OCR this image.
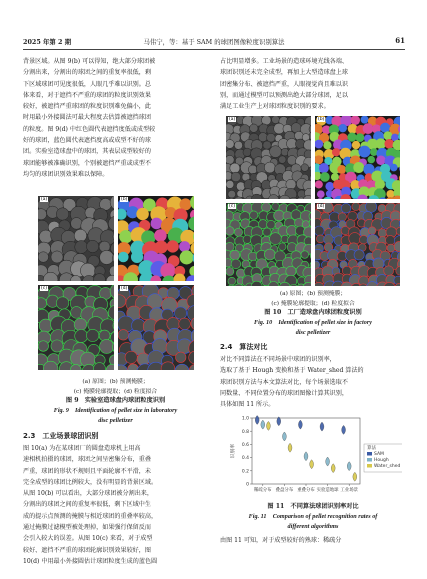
2025 年第 2 期	马伟宁，等：基于 SAM 的球团图像粒度识别算法	61

背景区域。从图 9(b) 可以得知，绝大部分球团被

分割出来，分割出的球团之间的重复率很低，剩

下区域球团可见度很低，人眼几乎难以识别。总

体来看，对于遮挡不严重的球团的粒度识别效果

较好，被遮挡严重球团的粒度识别难免偏小，此

时用最小外接圆法可最大程度去估算被遮挡球团

的粒度。图 9(d) 中红色圆代表遮挡度低或成型较

好的球团，蓝色圆代表遮挡度高或成型不好的球

团。实验室造球盘中的球团，其表层成型较好的

球团能够被准确识别，个别被遮挡严重或成型不

均匀的球团识别效果难以保障。

(a)	(b)
(c)	(d)
(a) 原图；(b) 预测掩膜；
(c) 掩膜轮廓提取；(d) 粒度拟合
图 9　实验室造球盘内球团粒度识别
Fig. 9　Identification of pellet size in laboratory
disc pelletizer
2.3　工业场景球团识别

图 10(a) 为在某球团厂的圆盘造球机上用高

速相机拍摄的球团，球团之间呈密集分布，重叠

严重，球团的形状不规则且平面轮廓不平滑，未

完全成型的球团比例较大，没有明显的背景区域。

从图 10(b) 可以看出，大部分球团被分割出来，

分割出的球团之间的重复率很低，剩下区域中生

成的提示点预测的掩膜与相近球团的重叠率较高，

通过掩膜过滤模型被处理掉，如果强行保留反而

会引入较大的误差。从图 10(c) 来看，对于成型

较好、遮挡不严重的球团轮廓识别效果较好，图

10(d) 中用最小外接圆估计球团粒度生成的蓝色圆

占比明显增多。工业场景的造球环境光线各端、

球团识别还未完全成型，再加上大型造球盘上球

团密集分布、被遮挡严重，人眼视觉尚且难以识

别，而通过模型可以预测出绝大部分球团，足以

满足工业生产上对球团粒度识别的要求。

(a)	(b)
(c)	(d)
(a) 原图；(b) 预测掩膜；
(c) 掩膜轮廓提取；(d) 粒度拟合
图 10　工厂造球盘内球团粒度识别
Fig. 10　Identification of pellet size in factory
disc pelletizer
2.4　算法对比

对比不同算法在不同场景中球团的识别率，

选取了基于 Hough 变换和基于 Water_shed 算法的

球团识别方法与本文算法对比，每个场景选取不

同数量、不同位置分布的球团图像计算其识别，

具体如图 11 所示。

0
0.2
0.4
0.6
0.8
1.0
识别率
稀疏分布 叠盘分布 重叠分布 实验造地球 工业场景
算法
SAM
Hough
Water_shed
图 11　不同算法球团识别率对比
Fig. 11　Comparison of pellet recognition rates of
different algorithms

由图 11 可知，对于成型较好的熟球：稀疏分
